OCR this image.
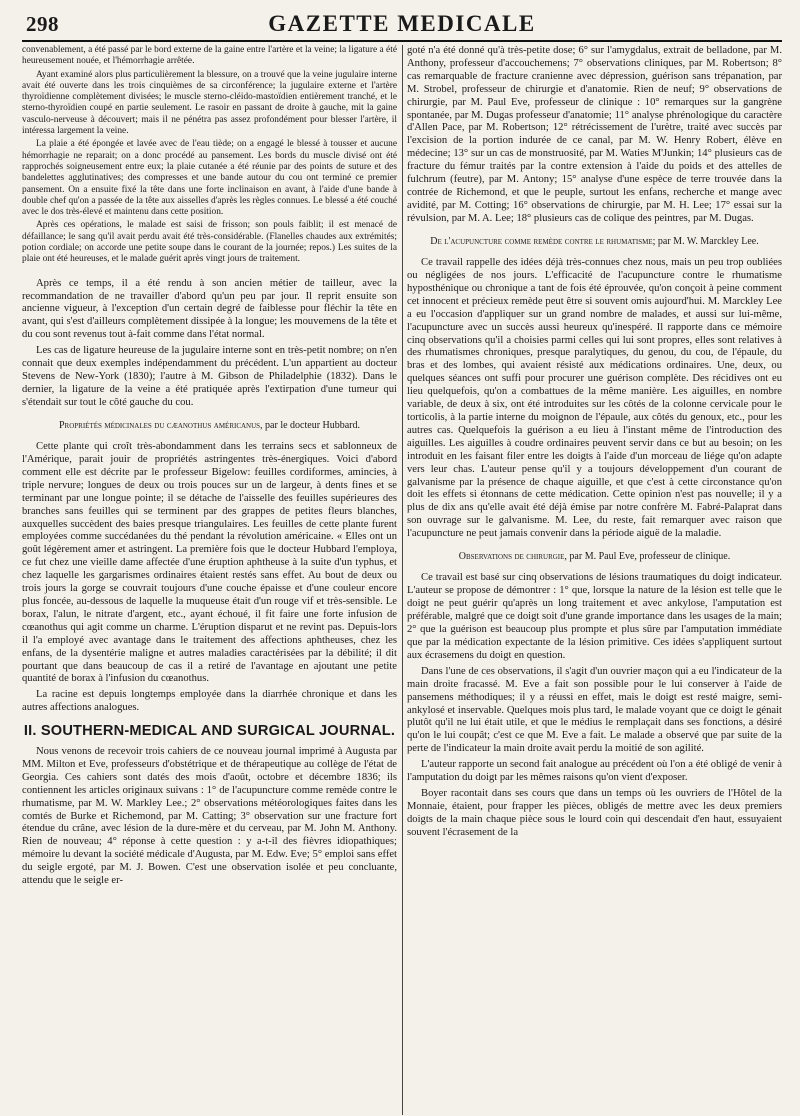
298	GAZETTE MEDICALE

convenablement, a été passé par le bord externe de la gaine entre l'artère et la veine; la ligature a été heureusement nouée, et l'hémorrhagie arrêtée.

Ayant examiné alors plus particulièrement la blessure, on a trouvé que la veine jugulaire interne avait été ouverte dans les trois cinquièmes de sa circonférence; la jugulaire externe et l'artère thyroïdienne complètement divisées; le muscle sterno-cléido-mastoïdien entièrement tranché, et le sterno-thyroïdien coupé en partie seulement. Le rasoir en passant de droite à gauche, mit la gaine vasculo-nerveuse à découvert; mais il ne pénétra pas assez profondément pour blesser l'artère, il intéressa largement la veine.

La plaie a été épongée et lavée avec de l'eau tiède; on a engagé le blessé à tousser et aucune hémorrhagie ne reparait; on a donc procédé au pansement. Les bords du muscle divisé ont été rapprochés soigneusement entre eux; la plaie cutanée a été réunie par des points de suture et des bandelettes agglutinatives; des compresses et une bande autour du cou ont terminé ce premier pansement. On a ensuite fixé la tête dans une forte inclinaison en avant, à l'aide d'une bande à double chef qu'on a passée de la tête aux aisselles d'après les règles connues. Le blessé a été couché avec le dos très-élevé et maintenu dans cette position.

Après ces opérations, le malade est saisi de frisson; son pouls faiblit; il est menacé de défaillance; le sang qu'il avait perdu avait été très-considérable. (Flanelles chaudes aux extrémités; potion cordiale; on accorde une petite soupe dans le courant de la journée; repos.) Les suites de la plaie ont été heureuses, et le malade guérit après vingt jours de traitement.

Après ce temps, il a été rendu à son ancien métier de tailleur, avec la recommandation de ne travailler d'abord qu'un peu par jour. Il reprit ensuite son ancienne vigueur, à l'exception d'un certain degré de faiblesse pour fléchir la tête en avant, qui s'est d'ailleurs complètement dissipée à la longue; les mouvemens de la tête et du cou sont revenus tout à-fait comme dans l'état normal.

Les cas de ligature heureuse de la jugulaire interne sont en très-petit nombre; on n'en connait que deux exemples indépendamment du précédent. L'un appartient au docteur Stevens de New-York (1830); l'autre à M. Gibson de Philadelphie (1832). Dans le dernier, la ligature de la veine a été pratiquée après l'extirpation d'une tumeur qui s'étendait sur tout le côté gauche du cou.

Propriétés médicinales du cæanothus américanus, par le docteur Hubbard.

Cette plante qui croît très-abondamment dans les terrains secs et sablonneux de l'Amérique, parait jouir de propriétés astringentes très-énergiques. Voici d'abord comment elle est décrite par le professeur Bigelow: feuilles cordiformes, amincies, à triple nervure; longues de deux ou trois pouces sur un de largeur, à dents fines et se terminant par une longue pointe; il se détache de l'aisselle des feuilles supérieures des branches sans feuilles qui se terminent par des grappes de petites fleurs blanches, auxquelles succèdent des baies presque triangulaires. Les feuilles de cette plante furent employées comme succédanées du thé pendant la révolution américaine. « Elles ont un goût légèrement amer et astringent. La première fois que le docteur Hubbard l'employa, ce fut chez une vieille dame affectée d'une éruption aphtheuse à la suite d'un typhus, et chez laquelle les gargarismes ordinaires étaient restés sans effet. Au bout de deux ou trois jours la gorge se couvrait toujours d'une couche épaisse et d'une couleur encore plus foncée, au-dessous de laquelle la muqueuse était d'un rouge vif et très-sensible. Le borax, l'alun, le nitrate d'argent, etc., ayant échoué, il fit faire une forte infusion de cœanothus qui agit comme un charme. L'éruption disparut et ne revint pas. Depuis-lors il l'a employé avec avantage dans le traitement des affections aphtheuses, chez les enfans, de la dysentérie maligne et autres maladies caractérisées par la débilité; il dit pourtant que dans beaucoup de cas il a retiré de l'avantage en ajoutant une petite quantité de borax à l'infusion du cœanothus.

La racine est depuis longtemps employée dans la diarrhée chronique et dans les autres affections analogues.

II. SOUTHERN-MEDICAL AND SURGICAL JOURNAL.

Nous venons de recevoir trois cahiers de ce nouveau journal imprimé à Augusta par MM. Milton et Eve, professeurs d'obstétrique et de thérapeutique au collège de l'état de Georgia. Ces cahiers sont datés des mois d'août, octobre et décembre 1836; ils contiennent les articles originaux suivans : 1° de l'acupuncture comme remède contre le rhumatisme, par M. W. Markley Lee.; 2° observations météorologiques faites dans les comtés de Burke et Richemond, par M. Catting; 3° observation sur une fracture fort étendue du crâne, avec lésion de la dure-mère et du cerveau, par M. John M. Anthony. Rien de nouveau; 4° réponse à cette question : y a-t-il des fièvres idiopathiques; mémoire lu devant la société médicale d'Augusta, par M. Edw. Eve; 5° emploi sans effet du seigle ergoté, par M. J. Bowen. C'est une observation isolée et peu concluante, attendu que le seigle er-

goté n'a été donné qu'à très-petite dose; 6° sur l'amygdalus, extrait de belladone, par M. Anthony, professeur d'accouchemens; 7° observations cliniques, par M. Robertson; 8° cas remarquable de fracture cranienne avec dépression, guérison sans trépanation, par M. Strobel, professeur de chirurgie et d'anatomie. Rien de neuf; 9° observations de chirurgie, par M. Paul Eve, professeur de clinique : 10° remarques sur la gangrène spontanée, par M. Dugas professeur d'anatomie; 11° analyse phrénologique du caractère d'Allen Pace, par M. Robertson; 12° rétrécissement de l'urètre, traité avec succès par l'excision de la portion indurée de ce canal, par M. W. Henry Robert, élève en médecine; 13° sur un cas de monstruosité, par M. Waties M'Junkin; 14° plusieurs cas de fracture du fémur traités par la contre extension à l'aide du poids et des attelles de fulchrum (feutre), par M. Antony; 15° analyse d'une espèce de terre trouvée dans la contrée de Richemond, et que le peuple, surtout les enfans, recherche et mange avec avidité, par M. Cotting; 16° observations de chirurgie, par M. H. Lee; 17° essai sur la révulsion, par M. A. Lee; 18° plusieurs cas de colique des peintres, par M. Dugas.

De l'acupuncture comme remède contre le rhumatisme; par M. W. Marckley Lee.

Ce travail rappelle des idées déjà très-connues chez nous, mais un peu trop oubliées ou négligées de nos jours. L'efficacité de l'acupuncture contre le rhumatisme hyposthénique ou chronique a tant de fois été éprouvée, qu'on conçoit à peine comment cet innocent et précieux remède peut être si souvent omis aujourd'hui. M. Marckley Lee a eu l'occasion d'appliquer sur un grand nombre de malades, et aussi sur lui-même, l'acupuncture avec un succès aussi heureux qu'inespéré. Il rapporte dans ce mémoire cinq observations qu'il a choisies parmi celles qui lui sont propres, elles sont relatives à des rhumatismes chroniques, presque paralytiques, du genou, du cou, de l'épaule, du bras et des lombes, qui avaient résisté aux médications ordinaires. Une, deux, ou quelques séances ont suffi pour procurer une guérison complète. Des récidives ont eu lieu quelquefois, qu'on a combattues de la même manière. Les aiguilles, en nombre variable, de deux à six, ont été introduites sur les côtés de la colonne cervicale pour le torticolis, à la partie interne du moignon de l'épaule, aux côtés du genoux, etc., pour les autres cas. Quelquefois la guérison a eu lieu à l'instant même de l'introduction des aiguilles. Les aiguilles à coudre ordinaires peuvent servir dans ce but au besoin; on les introduit en les faisant filer entre les doigts à l'aide d'un morceau de liége qu'on adapte vers leur chas. L'auteur pense qu'il y a toujours développement d'un courant de galvanisme par la présence de chaque aiguille, et que c'est à cette circonstance qu'on doit les effets si étonnans de cette médication. Cette opinion n'est pas nouvelle; il y a plus de dix ans qu'elle avait été déjà émise par notre confrère M. Fabré-Palaprat dans son ouvrage sur le galvanisme. M. Lee, du reste, fait remarquer avec raison que l'acupuncture ne peut jamais convenir dans la période aiguë de la maladie.

Observations de chirurgie, par M. Paul Eve, professeur de clinique.

Ce travail est basé sur cinq observations de lésions traumatiques du doigt indicateur. L'auteur se propose de démontrer : 1° que, lorsque la nature de la lésion est telle que le doigt ne peut guérir qu'après un long traitement et avec ankylose, l'amputation est préférable, malgré que ce doigt soit d'une grande importance dans les usages de la main; 2° que la guérison est beaucoup plus prompte et plus sûre par l'amputation immédiate que par la médication expectante de la lésion primitive. Ces idées s'appliquent surtout aux écrasemens du doigt en question.

Dans l'une de ces observations, il s'agit d'un ouvrier maçon qui a eu l'indicateur de la main droite fracassé. M. Eve a fait son possible pour le lui conserver à l'aide de pansemens méthodiques; il y a réussi en effet, mais le doigt est resté maigre, semi-ankylosé et inservable. Quelques mois plus tard, le malade voyant que ce doigt le génait plutôt qu'il ne lui était utile, et que le médius le remplaçait dans ses fonctions, a désiré qu'on le lui coupât; c'est ce que M. Eve a fait. Le malade a observé que par suite de la perte de l'indicateur la main droite avait perdu la moitié de son agilité.

L'auteur rapporte un second fait analogue au précédent où l'on a été obligé de venir à l'amputation du doigt par les mêmes raisons qu'on vient d'exposer.

Boyer racontait dans ses cours que dans un temps où les ouvriers de l'Hôtel de la Monnaie, étaient, pour frapper les pièces, obligés de mettre avec les deux premiers doigts de la main chaque pièce sous le lourd coin qui descendait d'en haut, essuyaient souvent l'écrasement de la
